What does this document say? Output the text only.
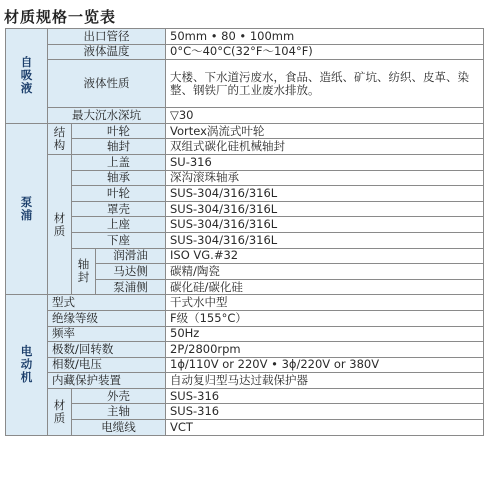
材质规格一览表
自吸液	出口管径			50mm • 80 • 100mm
	液体温度			0°C～40°C(32°F～104°F)
	液体性质			大楼、下水道污废水，食品、造纸、矿坑、纺织、皮革、染整、钢铁厂的工业废水排放。
	最大沉水深坑			▽30
泵浦	结构	叶轮		Vortex涡流式叶轮
		轴封		双组式碳化硅机械轴封
	材质	上盖		SU-316
		轴承		深沟滚珠轴承
		叶轮		SUS-304/316/316L
		罩壳		SUS-304/316/316L
		上座		SUS-304/316/316L
		下座		SUS-304/316/316L
		轴封	润滑油	ISO VG.#32
			马达侧	碳精/陶瓷
			泵浦侧	碳化硅/碳化硅
电动机	型式			干式水中型
	绝缘等级			F级（155°C）
	频率			50Hz
	极数/回转数			2P/2800rpm
	相数/电压			1ϕ/110V or 220V • 3ϕ/220V or 380V
	内藏保护装置			自动复归型马达过载保护器
	材质	外壳		SUS-316
		主轴		SUS-316
		电缆线		VCT
